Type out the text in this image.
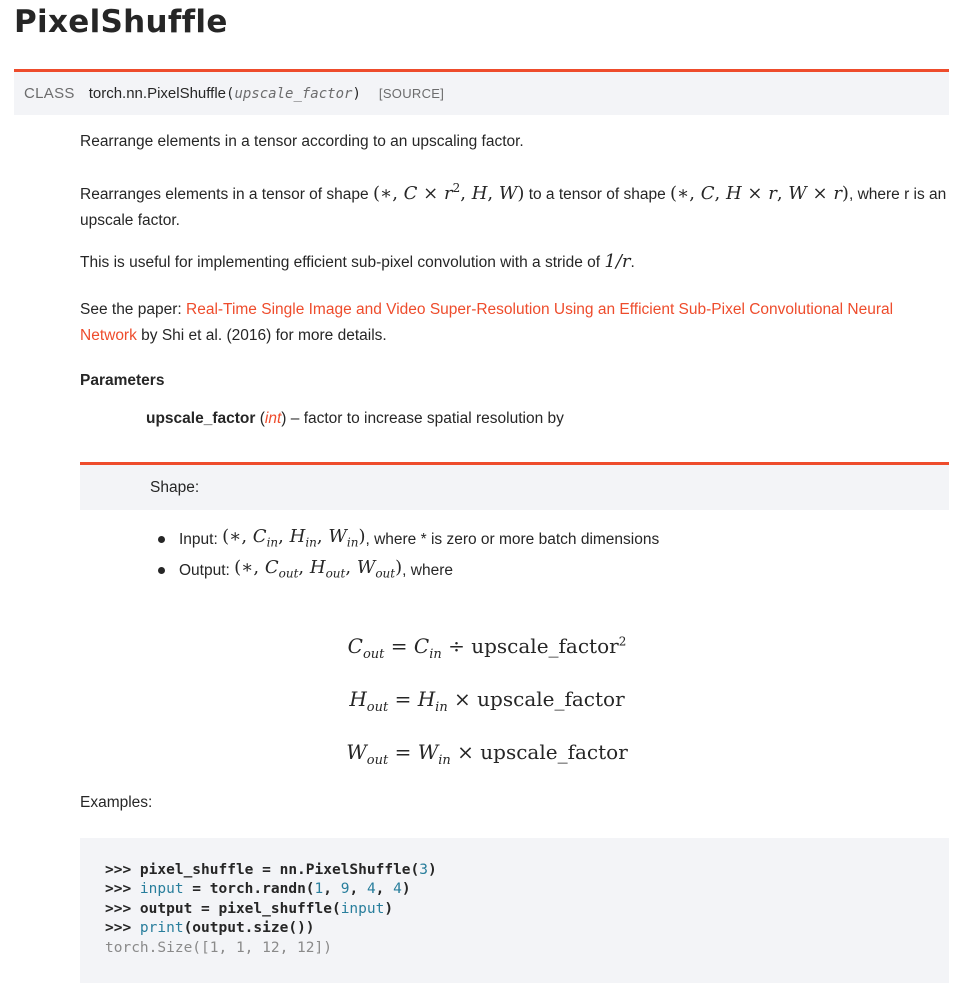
PixelShuffle
CLASS torch.nn.PixelShuffle ( upscale_factor ) [SOURCE]

Rearrange elements in a tensor according to an upscaling factor.

Rearranges elements in a tensor of shape (∗, $C \times r^2$, H, W) to a tensor of shape (∗, C, H × r, W × r), where r is an upscale factor.

This is useful for implementing efficient sub-pixel convolution with a stride of 1/r.

See the paper: Real-Time Single Image and Video Super-Resolution Using an Efficient Sub-Pixel Convolutional Neural Network by Shi et al. (2016) for more details.

Parameters

upscale_factor (int) – factor to increase spatial resolution by

Shape:

Input:
(∗, $C_{in}$, $H_{in}$, $W_{in}$) , where * is zero or more batch dimensions
Output:
(∗, $C_{out}$, $H_{out}$, $W_{out}$) , where

$C_{out} = C_{in}$ ÷ upscale_factor$^2$

$H_{out} = H_{in}$ × upscale_factor

$W_{out} = W_{in}$ × upscale_factor

Examples:

>>> pixel_shuffle = nn.PixelShuffle(3)
>>> input = torch.randn(1, 9, 4, 4)
>>> output = pixel_shuffle(input)
>>> print(output.size())
torch.Size([1, 1, 12, 12])
